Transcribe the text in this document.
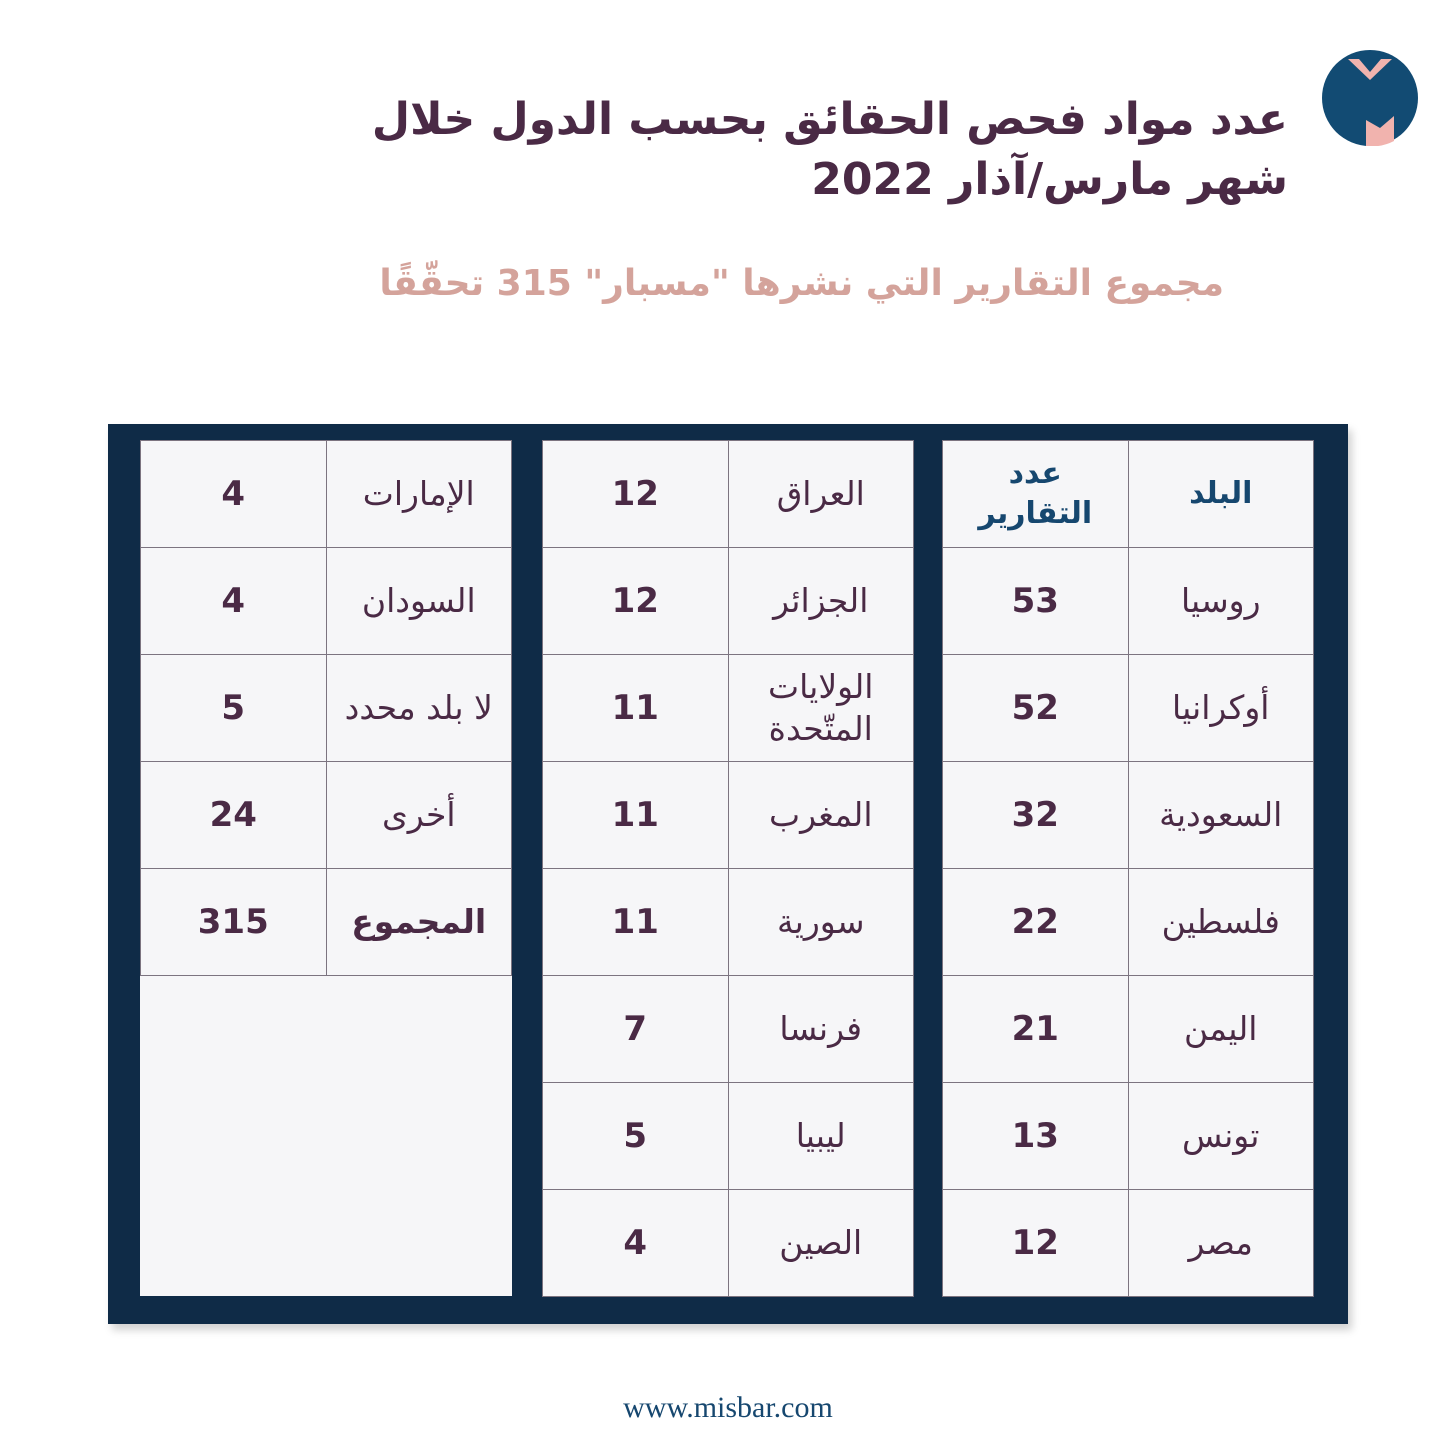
عدد مواد فحص الحقائق بحسب الدول خلال شهر مارس/آذار 2022
مجموع التقارير التي نشرها "مسبار" 315 تحقّقًا
البلد	عدد التقارير
روسيا	53
أوكرانيا	52
السعودية	32
فلسطين	22
اليمن	21
تونس	13
مصر	12
العراق	12
الجزائر	12
الولايات المتّحدة	11
المغرب	11
سورية	11
فرنسا	7
ليبيا	5
الصين	4
الإمارات	4
السودان	4
لا بلد محدد	5
أخرى	24
المجموع	315

www.misbar.com
